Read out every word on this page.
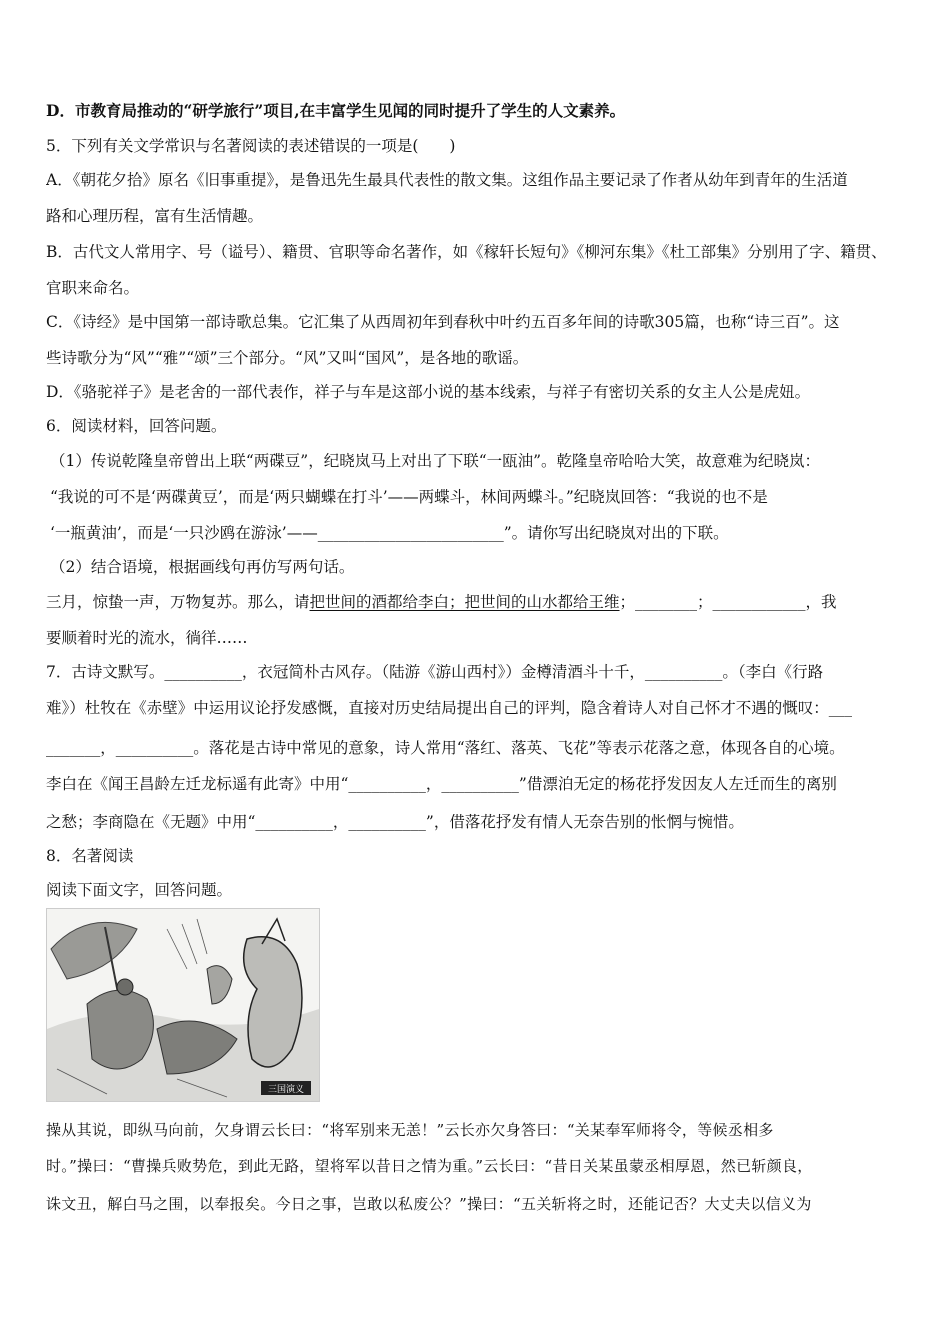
D．市教育局推动的“研学旅行”项目,在丰富学生见闻的同时提升了学生的人文素养。
5．下列有关文学常识与名著阅读的表述错误的一项是(　　)
A．《朝花夕拾》原名《旧事重提》，是鲁迅先生最具代表性的散文集。这组作品主要记录了作者从幼年到青年的生活道
路和心理历程，富有生活情趣。
B．古代文人常用字、号（谥号）、籍贯、官职等命名著作，如《稼轩长短句》《柳河东集》《杜工部集》分别用了字、籍贯、
官职来命名。
C．《诗经》是中国第一部诗歌总集。它汇集了从西周初年到春秋中叶约五百多年间的诗歌305篇，也称“诗三百”。这
些诗歌分为“风”“雅”“颂”三个部分。“风”又叫“国风”，是各地的歌谣。
D．《骆驼祥子》是老舍的一部代表作，祥子与车是这部小说的基本线索，与祥子有密切关系的女主人公是虎妞。
6．阅读材料，回答问题。
（1）传说乾隆皇帝曾出上联“两碟豆”，纪晓岚马上对出了下联“一瓯油”。乾隆皇帝哈哈大笑，故意难为纪晓岚：
“我说的可不是‘两碟黄豆’，而是‘两只蝴蝶在打斗’——两蝶斗，林间两蝶斗。”纪晓岚回答：“我说的也不是
‘一瓶黄油’，而是‘一只沙鸥在游泳’——________________________”。请你写出纪晓岚对出的下联。
（2）结合语境，根据画线句再仿写两句话。
三月，惊蛰一声，万物复苏。那么，请把世间的酒都给李白；把世间的山水都给王维；________；____________，我
要顺着时光的流水，徜徉……
7．古诗文默写。__________，衣冠简朴古风存。（陆游《游山西村》）金樽清酒斗十千，__________。（李白《行路
难》）杜牧在《赤壁》中运用议论抒发感慨，直接对历史结局提出自己的评判，隐含着诗人对自己怀才不遇的慨叹：___
_______，__________。落花是古诗中常见的意象，诗人常用“落红、落英、飞花”等表示花落之意，体现各自的心境。
李白在《闻王昌龄左迁龙标遥有此寄》中用“__________，__________”借漂泊无定的杨花抒发因友人左迁而生的离别
之愁；李商隐在《无题》中用“__________，__________”，借落花抒发有情人无奈告别的怅惘与惋惜。
8．名著阅读
阅读下面文字，回答问题。
三国演义
操从其说，即纵马向前，欠身谓云长曰：“将军别来无恙！”云长亦欠身答曰：“关某奉军师将令，等候丞相多
时。”操曰：“曹操兵败势危，到此无路，望将军以昔日之情为重。”云长曰：“昔日关某虽蒙丞相厚恩，然已斩颜良，
诛文丑，解白马之围，以奉报矣。今日之事，岂敢以私废公？”操曰：“五关斩将之时，还能记否？大丈夫以信义为
